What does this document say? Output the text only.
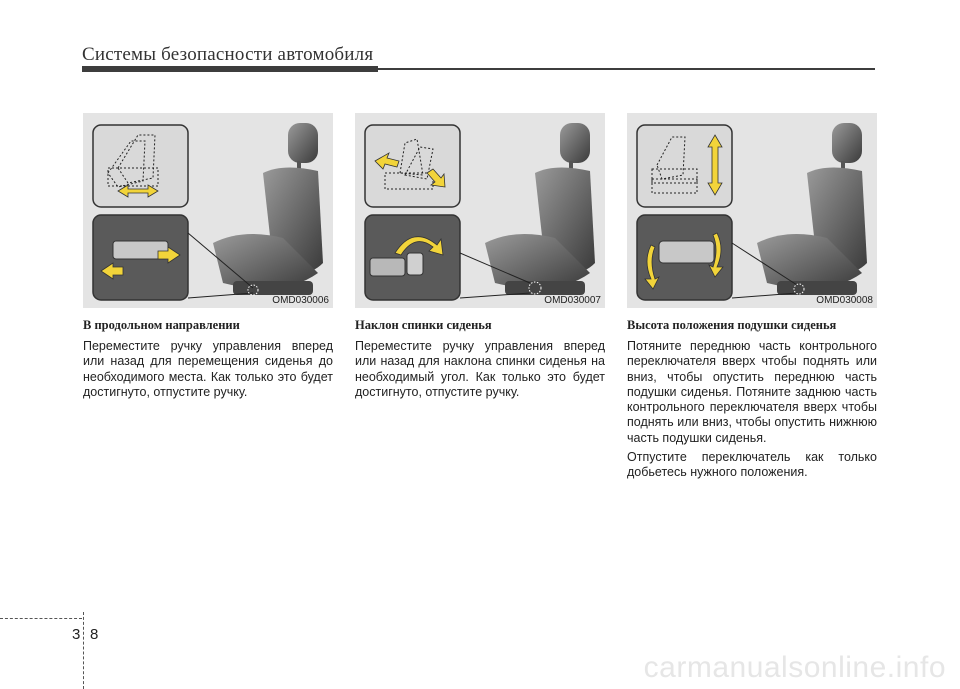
Системы безопасности автомобиля
OMD030006	OMD030007	OMD030008

В продольном направлении

Переместите ручку управления вперед или назад для перемещения сиденья до необходимого места. Как только это будет достигнуто, отпустите ручку.

Наклон спинки сиденья

Переместите ручку управления вперед или назад для наклона спинки сиденья на необходимый угол. Как только это будет достигнуто, отпустите ручку.

Высота положения подушки сиденья

Потяните переднюю часть контрольного переключателя вверх чтобы поднять или вниз, чтобы опустить переднюю часть подушки сиденья. Потяните заднюю часть контрольного переключателя вверх чтобы поднять или вниз, чтобы опустить нижнюю часть подушки сиденья.

Отпустите переключатель как только добьетесь нужного положения.

3 8
carmanualsonline.info
